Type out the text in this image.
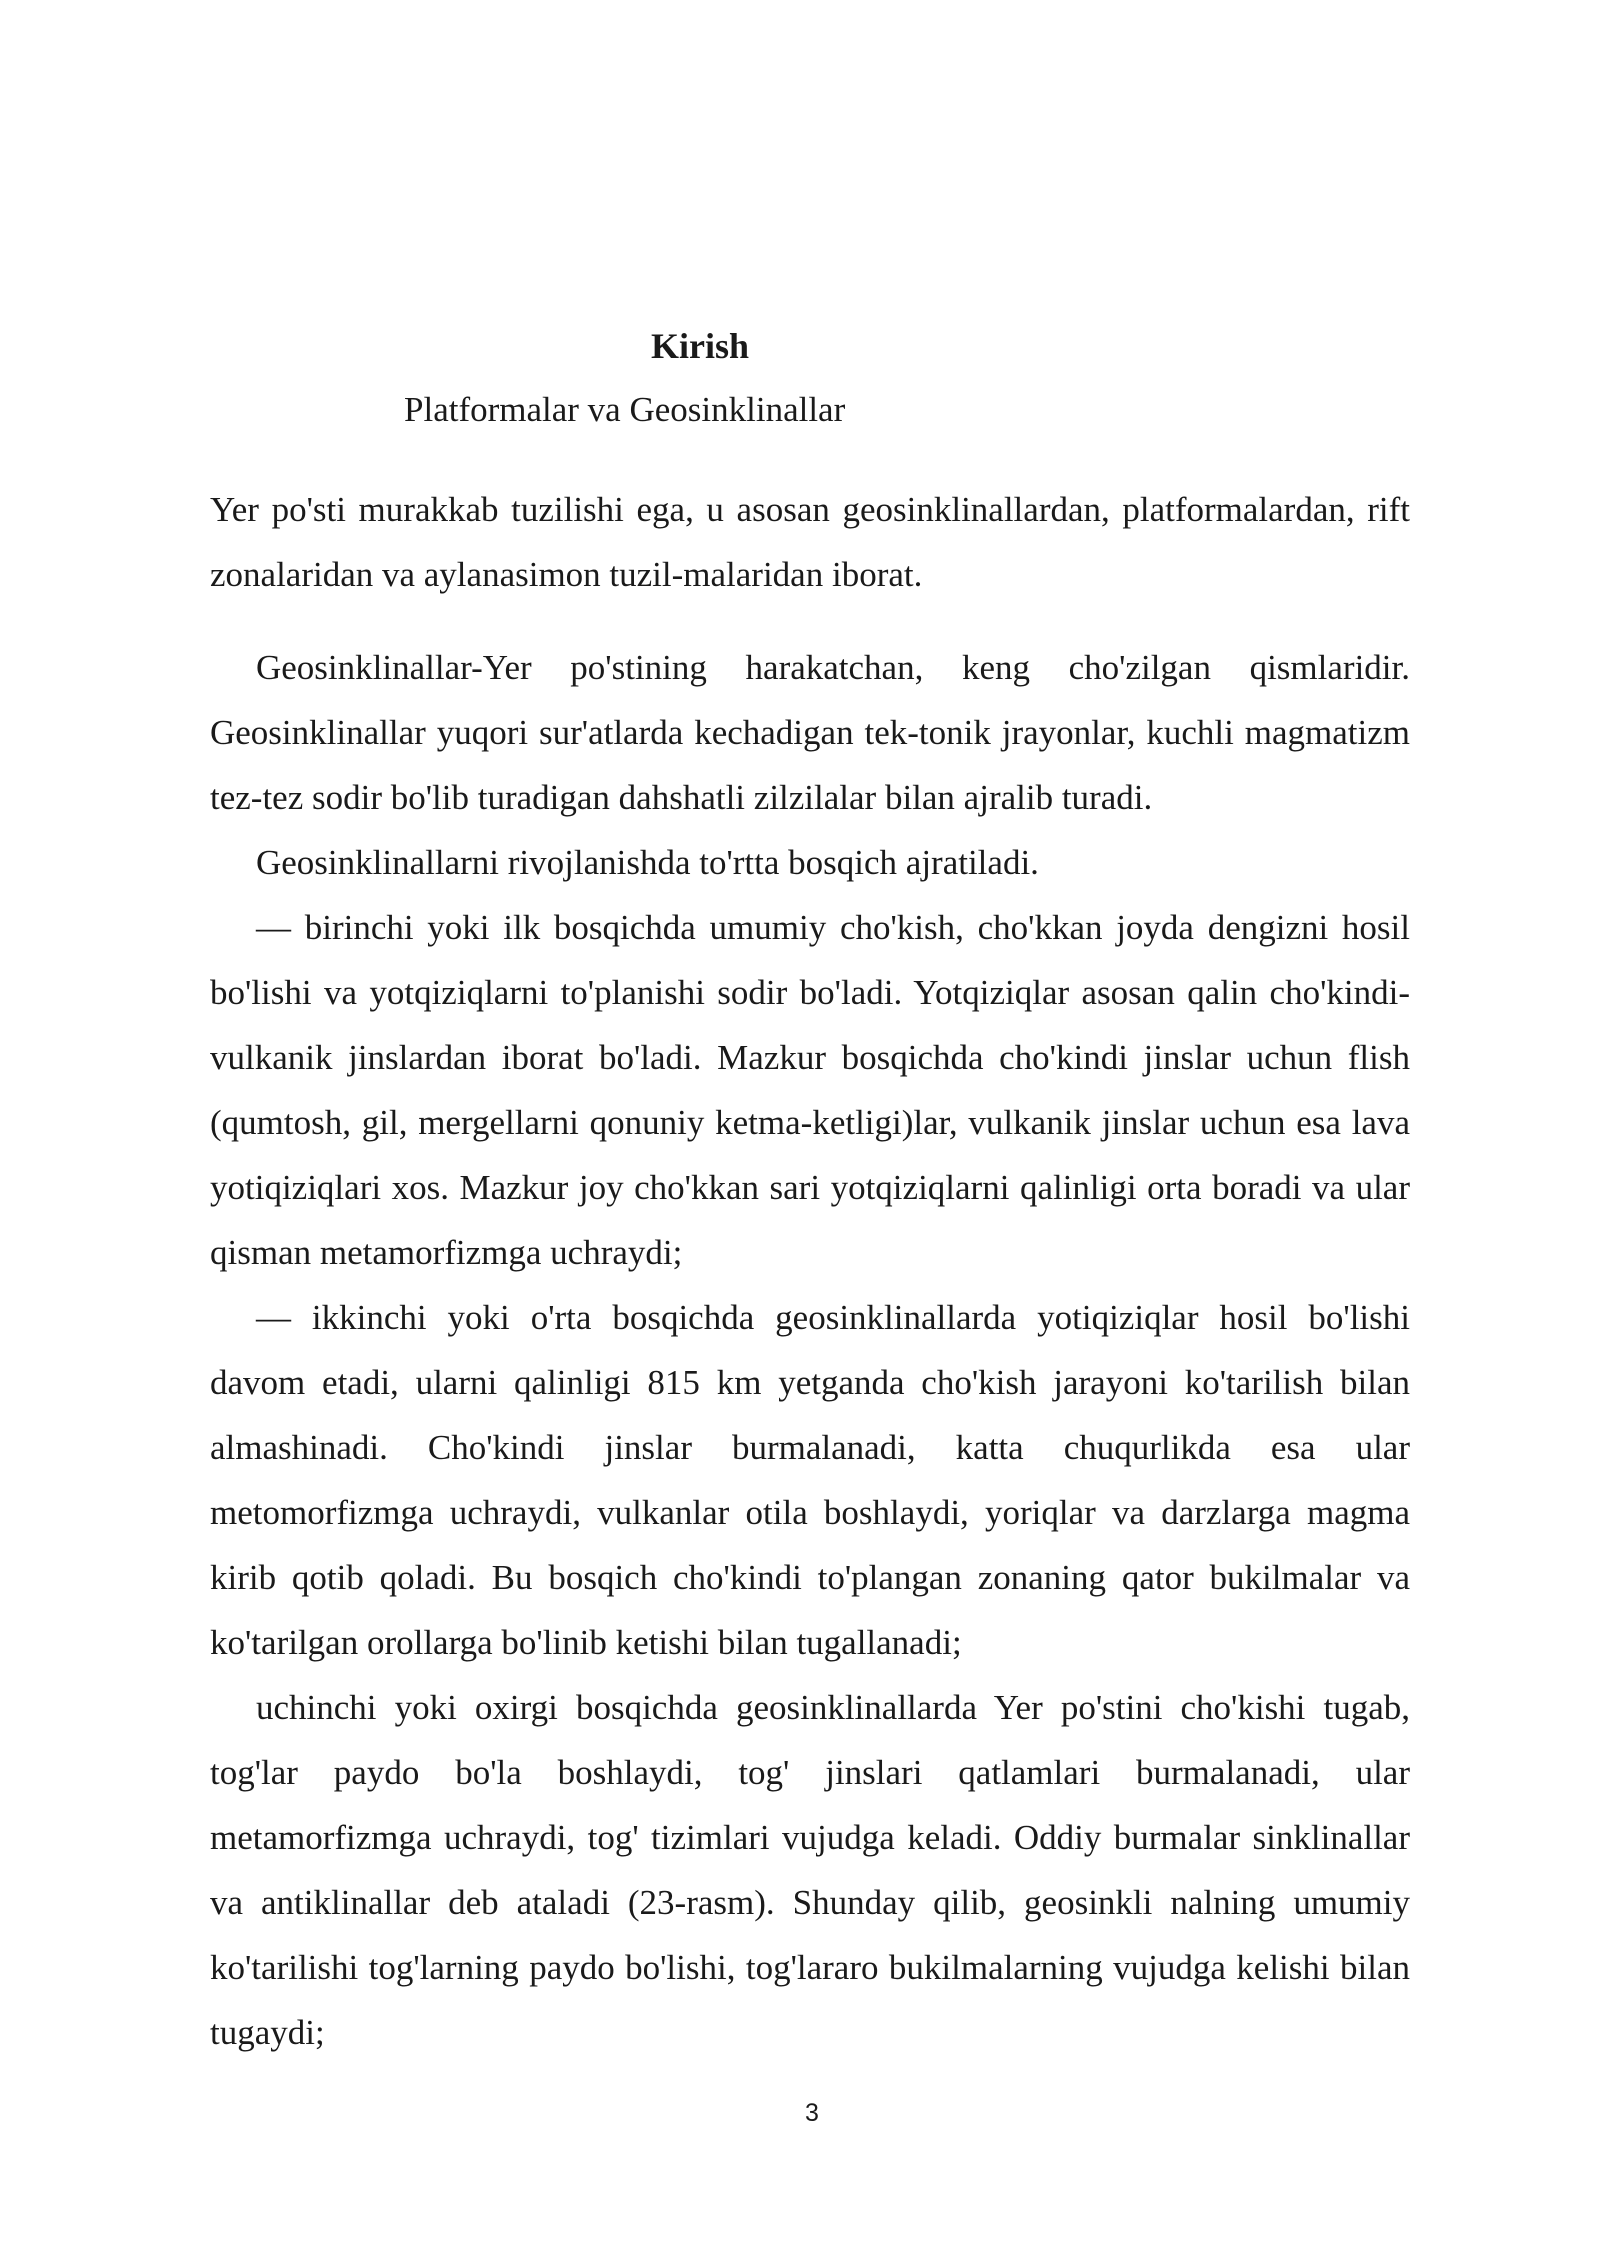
Kirish
Platformalar va Geosinklinallar

Yer po'sti murakkab tuzilishi ega, u asosan geosinklinallardan, platformalardan, rift zonalaridan va aylanasimon tuzil-malaridan iborat.

Geosinklinallar-Yer po'stining harakatchan, keng cho'zilgan qismlaridir. Geosinklinallar yuqori sur'atlarda kechadigan tek-tonik jrayonlar, kuchli magmatizm tez-tez sodir bo'lib turadigan dahshatli zilzilalar bilan ajralib turadi.

Geosinklinallarni rivojlanishda to'rtta bosqich ajratiladi.

— birinchi yoki ilk bosqichda umumiy cho'kish, cho'kkan joyda dengizni hosil bo'lishi va yotqiziqlarni to'planishi sodir bo'ladi. Yotqiziqlar asosan qalin cho'kindi-vulkanik jinslardan iborat bo'ladi. Mazkur bosqichda cho'kindi jinslar uchun flish (qumtosh, gil, mergellarni qonuniy ketma-ketligi)lar, vulkanik jinslar uchun esa lava yotiqiziqlari xos. Mazkur joy cho'kkan sari yotqiziqlarni qalinligi orta boradi va ular qisman metamorfizmga uchraydi;

— ikkinchi yoki o'rta bosqichda geosinklinallarda yotiqiziqlar hosil bo'lishi davom etadi, ularni qalinligi 815 km yetganda cho'kish jarayoni ko'tarilish bilan almashinadi. Cho'kindi jinslar burmalanadi, katta chuqurlikda esa ular metomorfizmga uchraydi, vulkanlar otila boshlaydi, yoriqlar va darzlarga magma kirib qotib qoladi. Bu bosqich cho'kindi to'plangan zonaning qator bukilmalar va ko'tarilgan orollarga bo'linib ketishi bilan tugallanadi;

uchinchi yoki oxirgi bosqichda geosinklinallarda Yer po'stini cho'kishi tugab, tog'lar paydo bo'la boshlaydi, tog' jinslari qatlamlari burmalanadi, ular metamorfizmga uchraydi, tog' tizimlari vujudga keladi. Oddiy burmalar sinklinallar va antiklinallar deb ataladi (23-rasm). Shunday qilib, geosinkli nalning umumiy ko'tarilishi tog'larning paydo bo'lishi, tog'lararo bukilmalarning vujudga kelishi bilan tugaydi;

3
